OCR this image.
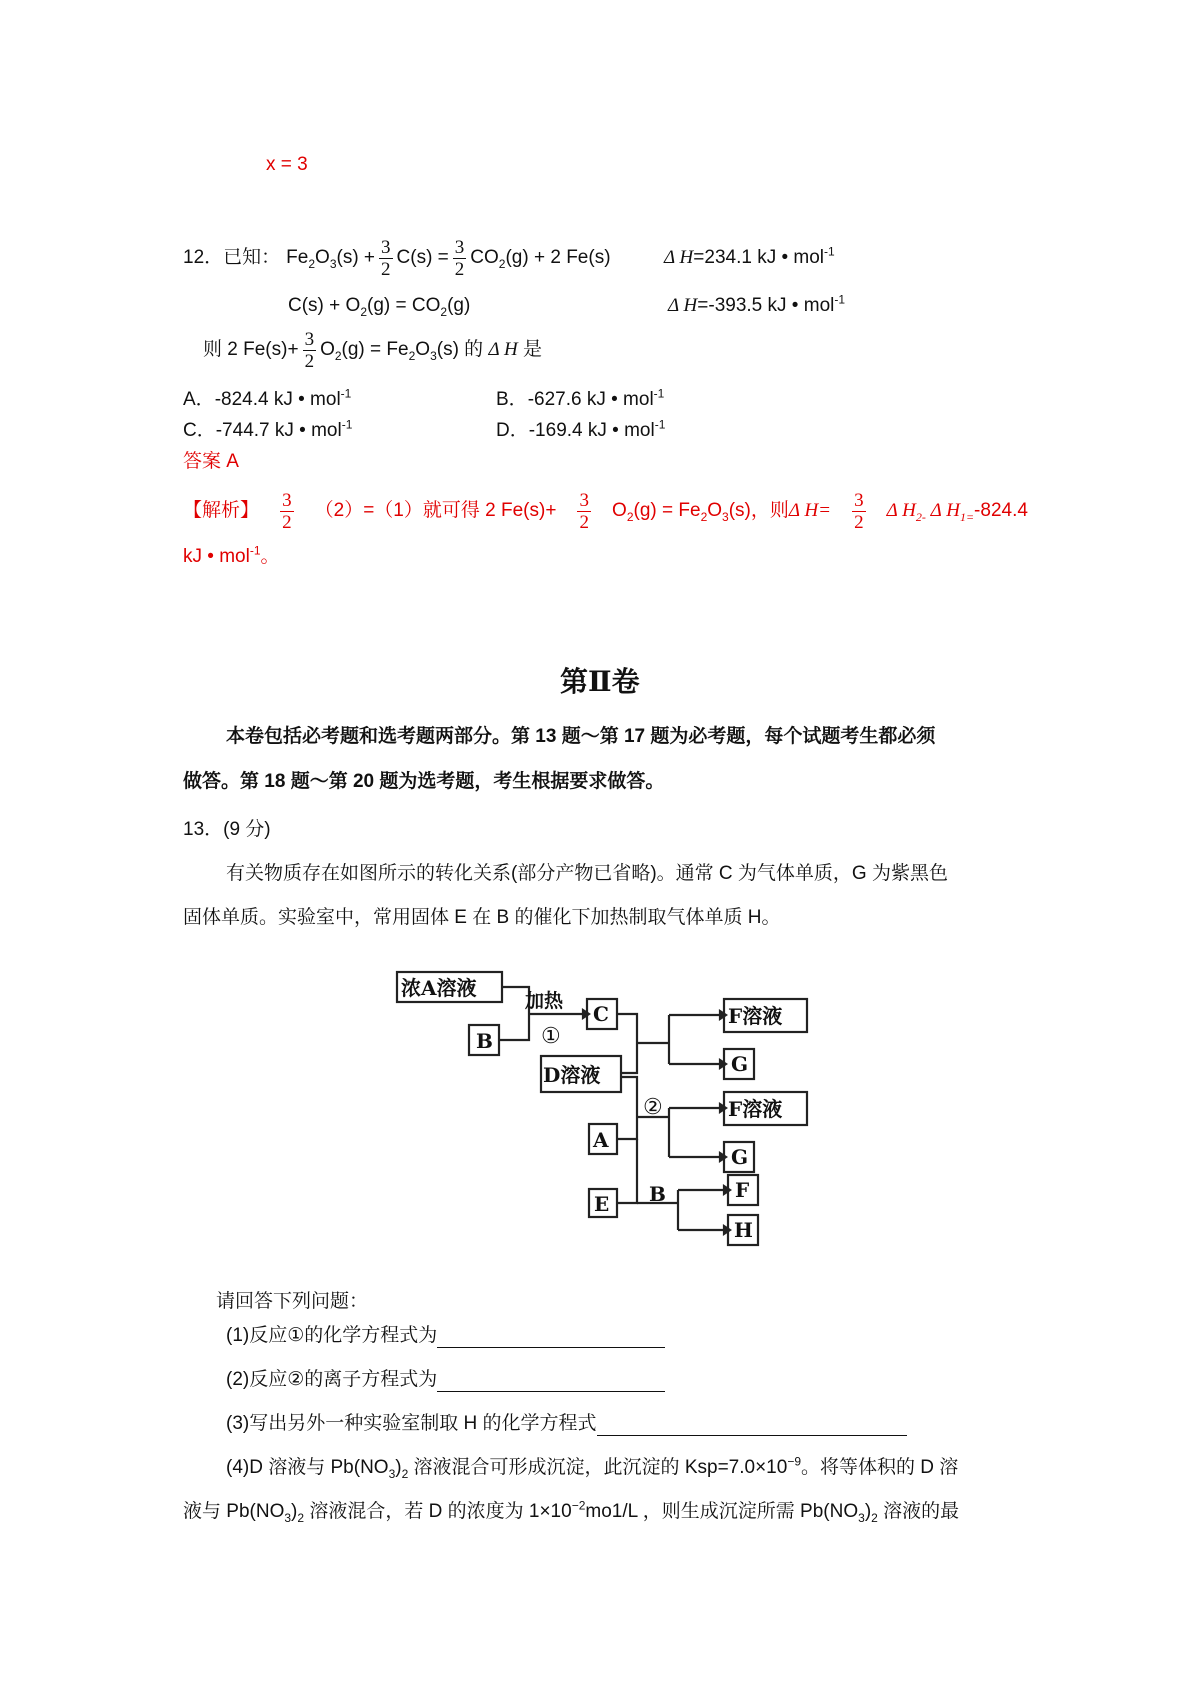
x = 3
12． 已知： $Fe_2O_3(s) + \frac{3}{2} C(s) = \frac{3}{2} CO_2(g) + 2$ Fe(s)	Δ H=234.1 kJ • mol$^{-1}$
$C(s) + O_2(g) = CO_2(g)$	Δ H=-393.5 kJ • mol$^{-1}$
则 2 $Fe(s)+ \frac{3}{2} O_2(g) = Fe_2O_3(s)$ 的 Δ H 是
A．-824.4 kJ • mol$^{-1}$	B．-627.6 kJ • mol$^{-1}$
C．-744.7 kJ • mol$^{-1}$	D．-169.4 kJ • mol$^{-1}$
答案 A
【解析】 $\frac{3}{2} (2)=(1)$就可得 2 $Fe(s)+ \frac{3}{2} O_2(g) = Fe_2O_3(s)$，则Δ $H= \frac{3}{2}$ Δ $H_{2-}$ Δ $H_{1=}-824.4$
kJ • mol$^{-1}$。
第Ⅱ卷
本卷包括必考题和选考题两部分。第 13 题～第 17 题为必考题，每个试题考生都必须
做答。第 18 题～第 20 题为选考题，考生根据要求做答。
13．(9 分)
有关物质存在如图所示的转化关系(部分产物已省略)。通常 C 为气体单质，G 为紫黑色
固体单质。实验室中，常用固体 E 在 B 的催化下加热制取气体单质 H。
浓A溶液
B
加热
①
C	F溶液
G
D溶液
②	F溶液
A
G
E B	F
H
请回答下列问题：
(1)反应①的化学方程式为
(2)反应②的离子方程式为
(3)写出另外一种实验室制取 H 的化学方程式
(4)D 溶液与 $Pb(NO_3)_2$ 溶液混合可形成沉淀，此沉淀的 $Ksp=7.0\times 10^{-9}$。将等体积的 D 溶
液与 $Pb(NO_3)_2$ 溶液混合，若 D 的浓度为 $1\times 10^{-2}mo1/L$ ，则生成沉淀所需 $Pb(NO_3)_2$ 溶液的最
